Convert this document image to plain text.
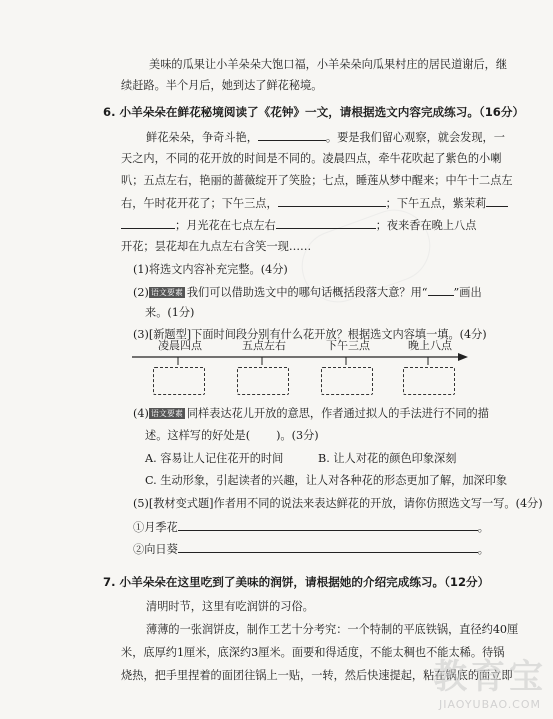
美味的瓜果让小羊朵朵大饱口福，小羊朵朵向瓜果村庄的居民道谢后，继
续赶路。半个月后，她到达了鲜花秘境。
6. 小羊朵朵在鲜花秘境阅读了《花钟》一文，请根据选文内容完成练习。（16分）
鲜花朵朵，争奇斗艳，	。要是我们留心观察，就会发现，一
天之内，不同的花开放的时间是不同的。凌晨四点，牵牛花吹起了紫色的小喇
叭；五点左右，艳丽的蔷薇绽开了笑脸；七点，睡莲从梦中醒来；中午十二点左
右，午时花开花了；下午三点，	；下午五点，紫茉莉
；月光花在七点左右	；夜来香在晚上八点
开花；昙花却在九点左右含笑一现……
(1)将选文内容补充完整。(4分)
(2) 语文要素 我们可以借助选文中的哪句话概括段落大意？用“ ”画出
来。(1分)
(3)[新题型]下面时间段分别有什么花开放？根据选文内容填一填。(4分)
凌晨四点	五点左右	下午三点	晚上八点
(4) 语文要素 同样表达花儿开放的意思，作者通过拟人的手法进行不同的描
述。这样写的好处是( )。(3分)
A. 容易让人记住花开的时间	B. 让人对花的颜色印象深刻
C. 生动形象，引起读者的兴趣，让人对各种花的形态更加了解，加深印象
(5)[教材变式题]作者用不同的说法来表达鲜花的开放，请你仿照选文写一写。(4分)
①月季花	。
②向日葵	。
7. 小羊朵朵在这里吃到了美味的润饼，请根据她的介绍完成练习。（12分）
清明时节，这里有吃润饼的习俗。
薄薄的一张润饼皮，制作工艺十分考究：一个特制的平底铁锅，直径约40厘
米，底厚约1厘米，底深约3厘米。面要和得适度，不能太稠也不能太稀。待锅
烧热，把手里捏着的面团往锅上一贴，一转，然后快速提起，粘在锅底的面立即
教育宝
JIAOYUBAO.COM
